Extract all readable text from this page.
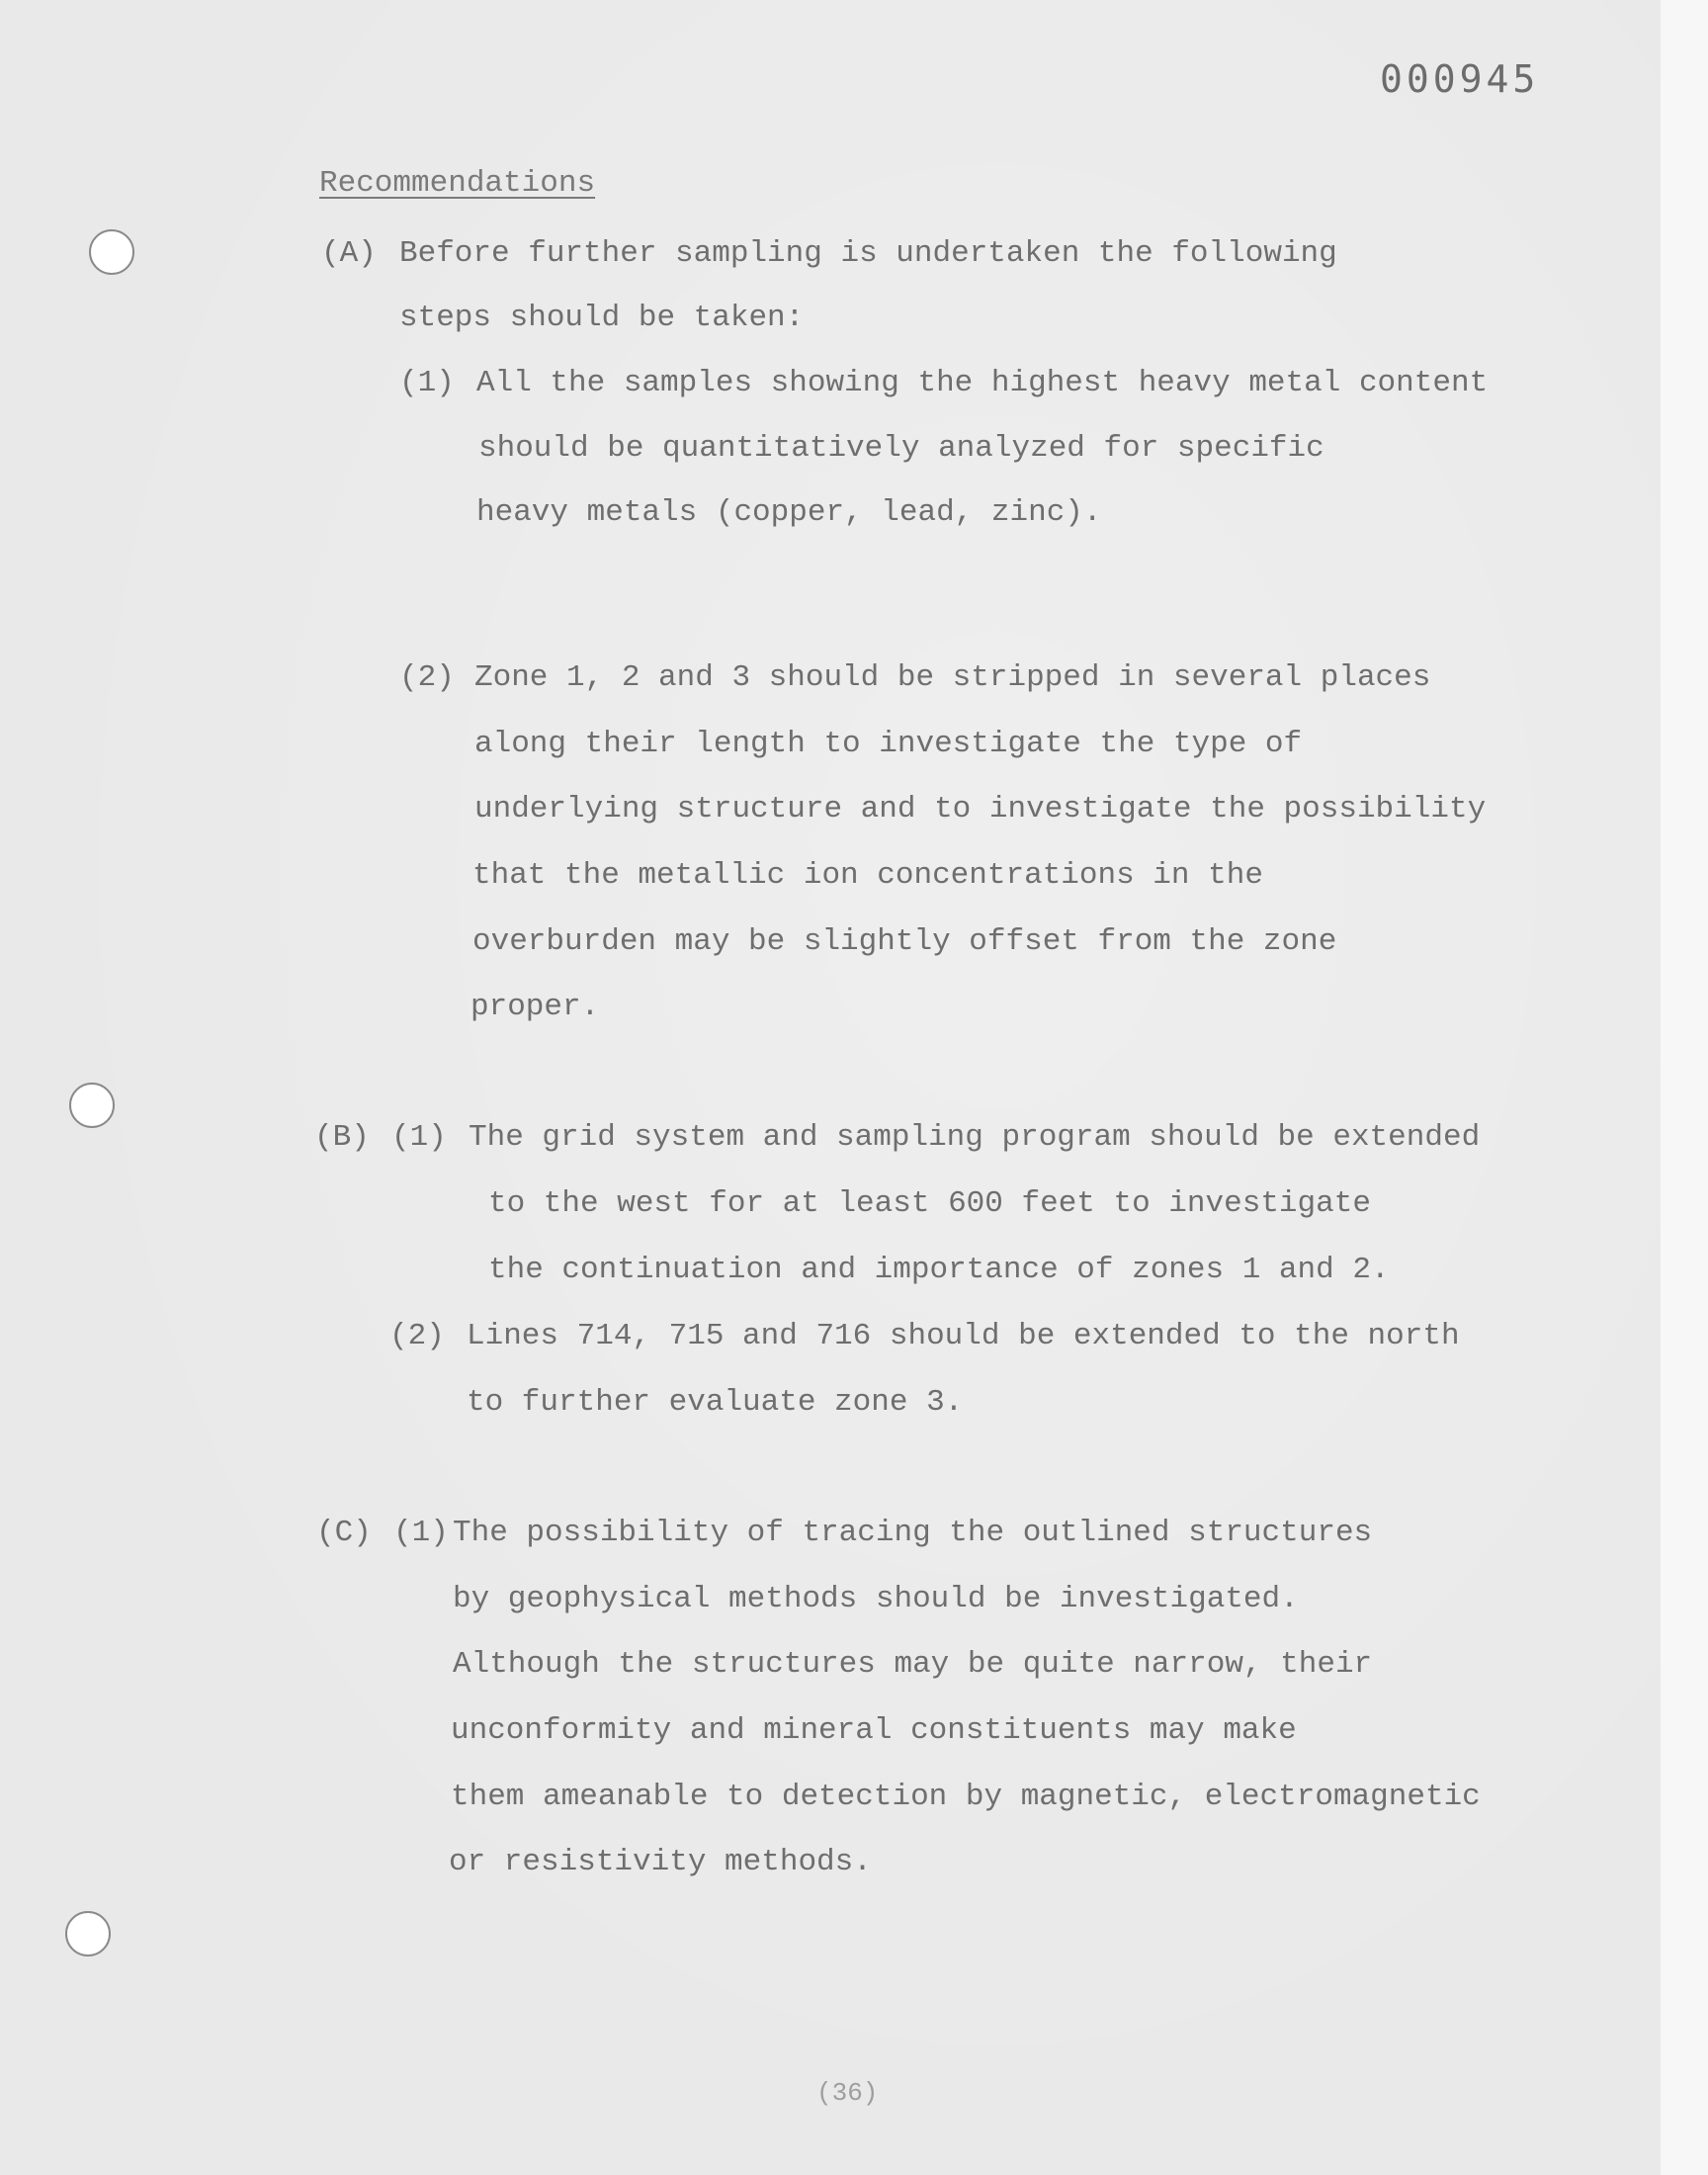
000945
Recommendations
(A) Before further sampling is undertaken the following
steps should be taken:
(1) All the samples showing the highest heavy metal content
should be quantitatively analyzed for specific
heavy metals (copper, lead, zinc).
(2) Zone 1, 2 and 3 should be stripped in several places
along their length to investigate the type of
underlying structure and to investigate the possibility
that the metallic ion concentrations in the
overburden may be slightly offset from the zone
proper.
(B) (1) The grid system and sampling program should be extended
to the west for at least 600 feet to investigate
the continuation and importance of zones 1 and 2.
(2) Lines 714, 715 and 716 should be extended to the north
to further evaluate zone 3.
(C) (1) The possibility of tracing the outlined structures
by geophysical methods should be investigated.
Although the structures may be quite narrow, their
unconformity and mineral constituents may make
them ameanable to detection by magnetic, electromagnetic
or resistivity methods.
(36)
